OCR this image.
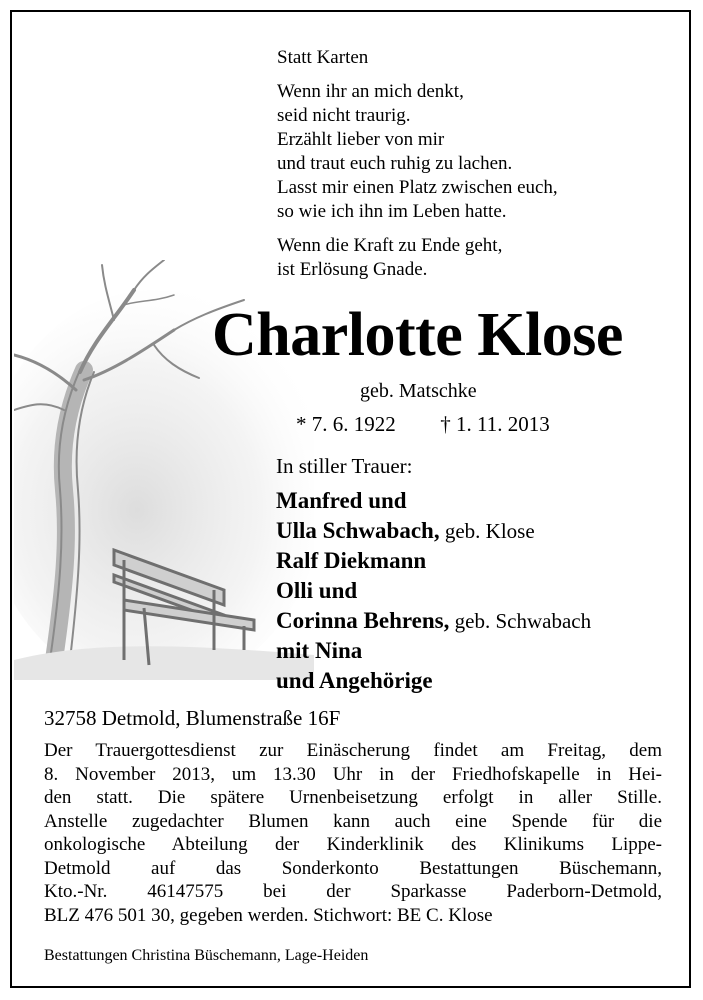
Statt Karten
Wenn ihr an mich denkt,
seid nicht traurig.
Erzählt lieber von mir
und traut euch ruhig zu lachen.
Lasst mir einen Platz zwischen euch,
so wie ich ihn im Leben hatte.
Wenn die Kraft zu Ende geht,
ist Erlösung Gnade.
Charlotte Klose
geb. Matschke
* 7. 6. 1922 † 1. 11. 2013
In stiller Trauer:
Manfred und
Ulla Schwabach, geb. Klose
Ralf Diekmann
Olli und
Corinna Behrens, geb. Schwabach
mit Nina
und Angehörige
32758 Detmold, Blumenstraße 16F
Der Trauergottesdienst zur Einäscherung findet am Freitag, dem
8. November 2013, um 13.30 Uhr in der Friedhofskapelle in Hei-
den statt. Die spätere Urnenbeisetzung erfolgt in aller Stille.
Anstelle zugedachter Blumen kann auch eine Spende für die
onkologische Abteilung der Kinderklinik des Klinikums Lippe-
Detmold auf das Sonderkonto Bestattungen Büschemann,
Kto.-Nr. 46147575 bei der Sparkasse Paderborn-Detmold,
BLZ 476 501 30, gegeben werden. Stichwort: BE C. Klose
Bestattungen Christina Büschemann, Lage-Heiden
